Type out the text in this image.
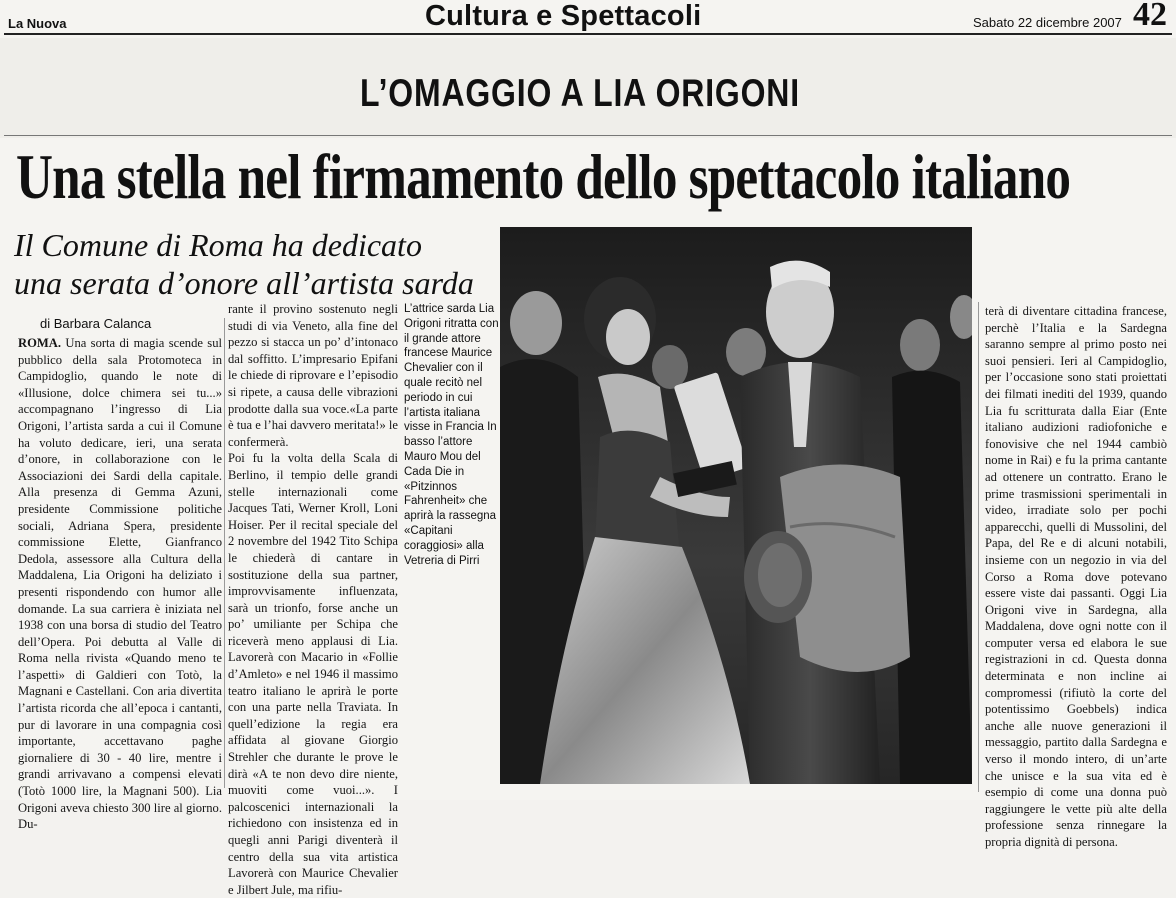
La Nuova	Cultura e Spettacoli	Sabato 22 dicembre 2007 42
L’OMAGGIO A LIA ORIGONI
Una stella nel firmamento dello spettacolo italiano
Il Comune di Roma ha dedicato
una serata d’onore all’artista sarda
di Barbara Calanca
ROMA. Una sorta di magia scende sul pubblico della sala Protomoteca in Campidoglio, quando le note di «Illusione, dolce chimera sei tu...» accompagnano l’ingresso di Lia Origoni, l’artista sarda a cui il Comune ha voluto dedicare, ieri, una serata d’onore, in collaborazione con le Associazioni dei Sardi della capitale. Alla presenza di Gemma Azuni, presidente Commissione politiche sociali, Adriana Spera, presidente commissione Elette, Gianfranco Dedola, assessore alla Cultura della Maddalena, Lia Origoni ha deliziato i presenti rispondendo con humor alle domande. La sua carriera è iniziata nel 1938 con una borsa di studio del Teatro dell’Opera. Poi debutta al Valle di Roma nella rivista «Quando meno te l’aspetti» di Galdieri con Totò, la Magnani e Castellani. Con aria divertita l’artista ricorda che all’epoca i cantanti, pur di lavorare in una compagnia così importante, accettavano paghe giornaliere di 30 - 40 lire, mentre i grandi arrivavano a compensi elevati (Totò 1000 lire, la Magnani 500). Lia Origoni aveva chiesto 300 lire al giorno. Du-
rante il provino sostenuto negli studi di via Veneto, alla fine del pezzo si stacca un po’ d’intonaco dal soffitto. L’impresario Epifani le chiede di riprovare e l’episodio si ripete, a causa delle vibrazioni prodotte dalla sua voce.«La parte è tua e l’hai davvero meritata!» le confermerà.
Poi fu la volta della Scala di Berlino, il tempio delle grandi stelle internazionali come Jacques Tati, Werner Kroll, Loni Hoiser. Per il recital speciale del 2 novembre del 1942 Tito Schipa le chiederà di cantare in sostituzione della sua partner, improvvisamente influenzata, sarà un trionfo, forse anche un po’ umiliante per Schipa che riceverà meno applausi di Lia. Lavorerà con Macario in «Follie d’Amleto» e nel 1946 il massimo teatro italiano le aprirà le porte con una parte nella Traviata. In quell’edizione la regia era affidata al giovane Giorgio Strehler che durante le prove le dirà «A te non devo dire niente, muoviti come vuoi...». I palcoscenici internazionali la richiedono con insistenza ed in quegli anni Parigi diventerà il centro della sua vita artistica Lavorerà con Maurice Chevalier e Jilbert Jule, ma rifiu-
L’attrice sarda Lia Origoni ritratta con il grande attore francese Maurice Chevalier con il quale recitò nel periodo in cui l’artista italiana visse in Francia In basso l’attore Mauro Mou del Cada Die in «Pitzinnos Fahrenheit» che aprirà la rassegna «Capitani coraggiosi» alla Vetreria di Pirri
terà di diventare cittadina francese, perchè l’Italia e la Sardegna saranno sempre al primo posto nei suoi pensieri. Ieri al Campidoglio, per l’occasione sono stati proiettati dei filmati inediti del 1939, quando Lia fu scritturata dalla Eiar (Ente italiano audizioni radiofoniche e fonovisive che nel 1944 cambiò nome in Rai) e fu la prima cantante ad ottenere un contratto. Erano le prime trasmissioni sperimentali in video, irradiate solo per pochi apparecchi, quelli di Mussolini, del Papa, del Re e di alcuni notabili, insieme con un negozio in via del Corso a Roma dove potevano essere viste dai passanti. Oggi Lia Origoni vive in Sardegna, alla Maddalena, dove ogni notte con il computer versa ed elabora le sue registrazioni in cd. Questa donna determinata e non incline ai compromessi (rifiutò la corte del potentissimo Goebbels) indica anche alle nuove generazioni il messaggio, partito dalla Sardegna e verso il mondo intero, di un’arte che unisce e la sua vita ed è esempio di come una donna può raggiungere le vette più alte della professione senza rinnegare la propria dignità di persona.
